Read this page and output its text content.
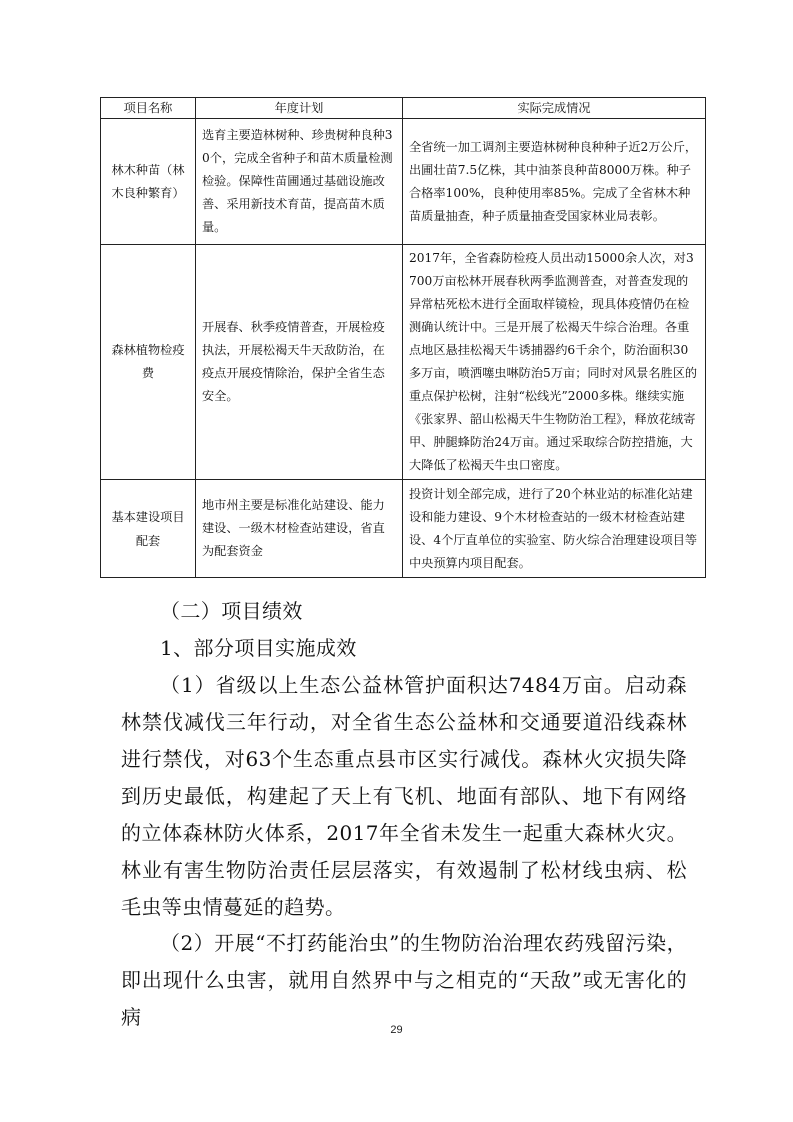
项目名称	年度计划	实际完成情况
林木种苗（林木良种繁育）	选育主要造林树种、珍贵树种良种30个，完成全省种子和苗木质量检测检验。保障性苗圃通过基础设施改善、采用新技术育苗，提高苗木质量。	全省统一加工调剂主要造林树种良种种子近2万公斤，出圃壮苗7.5亿株，其中油茶良种苗8000万株。种子合格率100%，良种使用率85%。完成了全省林木种苗质量抽查，种子质量抽查受国家林业局表彰。
森林植物检疫费	开展春、秋季疫情普查，开展检疫执法，开展松褐天牛天敌防治，在疫点开展疫情除治，保护全省生态安全。	2017年，全省森防检疫人员出动15000余人次，对3700万亩松林开展春秋两季监测普查，对普查发现的异常枯死松木进行全面取样镜检，现具体疫情仍在检测确认统计中。三是开展了松褐天牛综合治理。各重点地区悬挂松褐天牛诱捕器约6千余个，防治面积30多万亩，喷洒噻虫啉防治5万亩；同时对风景名胜区的重点保护松树，注射“松线光”2000多株。继续实施《张家界、韶山松褐天牛生物防治工程》，释放花绒寄甲、肿腿蜂防治24万亩。通过采取综合防控措施，大大降低了松褐天牛虫口密度。
基本建设项目配套	地市州主要是标准化站建设、能力建设、一级木材检查站建设，省直为配套资金	投资计划全部完成，进行了20个林业站的标准化站建设和能力建设、9个木材检查站的一级木材检查站建设、4个厅直单位的实验室、防火综合治理建设项目等中央预算内项目配套。
（二）项目绩效
1、部分项目实施成效
（1）省级以上生态公益林管护面积达7484万亩。启动森林禁伐减伐三年行动，对全省生态公益林和交通要道沿线森林进行禁伐，对63个生态重点县市区实行减伐。森林火灾损失降到历史最低，构建起了天上有飞机、地面有部队、地下有网络的立体森林防火体系，2017年全省未发生一起重大森林火灾。林业有害生物防治责任层层落实，有效遏制了松材线虫病、松毛虫等虫情蔓延的趋势。
（2）开展“不打药能治虫”的生物防治治理农药残留污染，即出现什么虫害，就用自然界中与之相克的“天敌”或无害化的病
29
